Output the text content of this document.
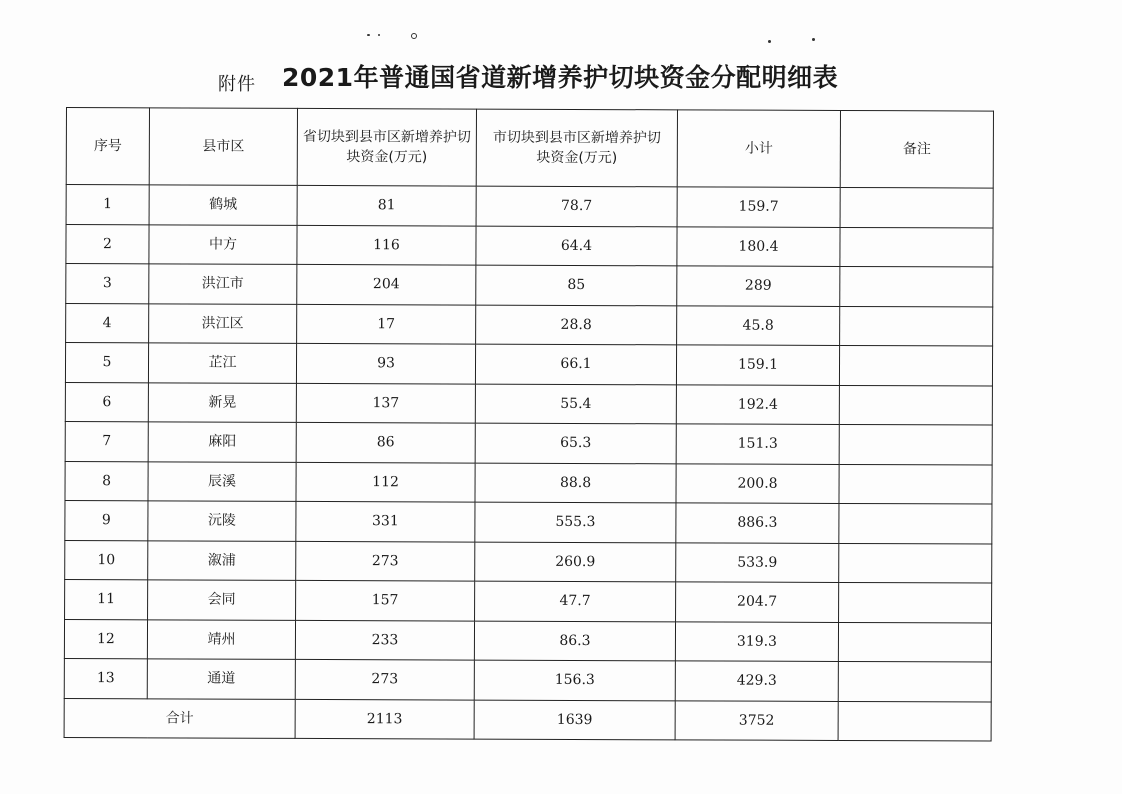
附件 2021年普通国省道新增养护切块资金分配明细表
序号	县市区	省切块到县市区新增养护切块资金(万元)	市切块到县市区新增养护切块资金(万元)	小计	备注
1	鹤城	81	78.7	159.7	
2	中方	116	64.4	180.4	
3	洪江市	204	85	289	
4	洪江区	17	28.8	45.8	
5	芷江	93	66.1	159.1	
6	新晃	137	55.4	192.4	
7	麻阳	86	65.3	151.3	
8	辰溪	112	88.8	200.8	
9	沅陵	331	555.3	886.3	
10	溆浦	273	260.9	533.9	
11	会同	157	47.7	204.7	
12	靖州	233	86.3	319.3	
13	通道	273	156.3	429.3	
合计		2113	1639	3752	
